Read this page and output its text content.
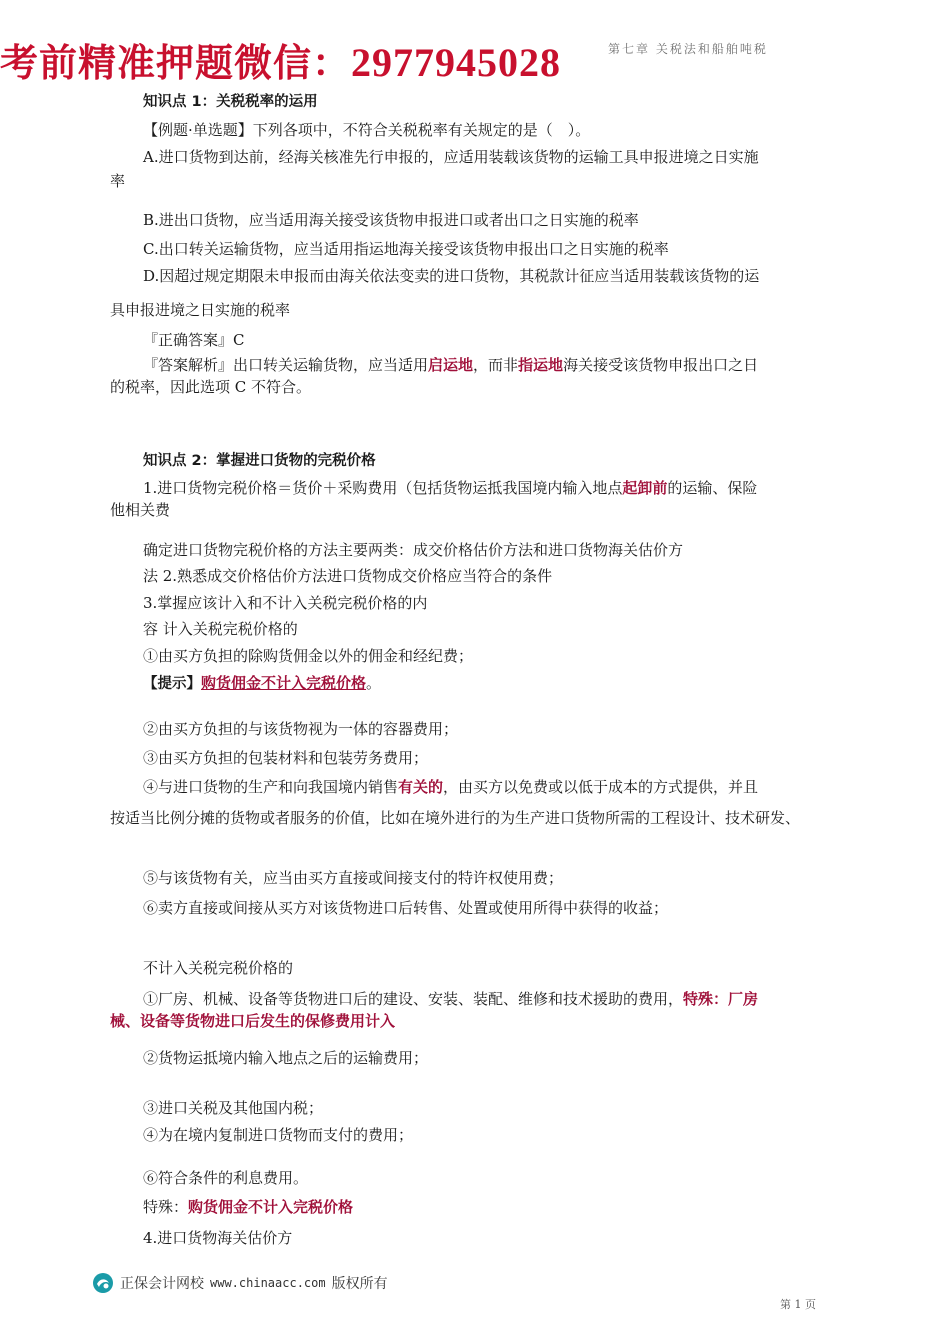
考前精准押题微信：2977945028	第七章 关税法和船舶吨税
知识点 1：关税税率的运用
【例题·单选题】下列各项中，不符合关税税率有关规定的是（　）。
A.进口货物到达前，经海关核准先行申报的，应适用装载该货物的运输工具申报进境之日实施
率
B.进出口货物，应当适用海关接受该货物申报进口或者出口之日实施的税率
C.出口转关运输货物，应当适用指运地海关接受该货物申报出口之日实施的税率
D.因超过规定期限未申报而由海关依法变卖的进口货物，其税款计征应当适用装载该货物的运
具申报进境之日实施的税率
『正确答案』C
『答案解析』出口转关运输货物，应当适用启运地，而非指运地海关接受该货物申报出口之日
的税率，因此选项 C 不符合。
知识点 2：掌握进口货物的完税价格
1.进口货物完税价格＝货价＋采购费用（包括货物运抵我国境内输入地点起卸前的运输、保险
他相关费
确定进口货物完税价格的方法主要两类：成交价格估价方法和进口货物海关估价方
法 2.熟悉成交价格估价方法进口货物成交价格应当符合的条件
3.掌握应该计入和不计入关税完税价格的内
容 计入关税完税价格的
①由买方负担的除购货佣金以外的佣金和经纪费；
【提示】购货佣金不计入完税价格。
②由买方负担的与该货物视为一体的容器费用；
③由买方负担的包装材料和包装劳务费用；
④与进口货物的生产和向我国境内销售有关的，由买方以免费或以低于成本的方式提供，并且
按适当比例分摊的货物或者服务的价值，比如在境外进行的为生产进口货物所需的工程设计、技术研发、
⑤与该货物有关，应当由买方直接或间接支付的特许权使用费；
⑥卖方直接或间接从买方对该货物进口后转售、处置或使用所得中获得的收益；
不计入关税完税价格的
①厂房、机械、设备等货物进口后的建设、安装、装配、维修和技术援助的费用，特殊：厂房
械、设备等货物进口后发生的保修费用计入
②货物运抵境内输入地点之后的运输费用；
③进口关税及其他国内税；
④为在境内复制进口货物而支付的费用；
⑥符合条件的利息费用。
特殊：购货佣金不计入完税价格
4.进口货物海关估价方
正保会计网校 www.chinaacc.com 版权所有
第 1 页
